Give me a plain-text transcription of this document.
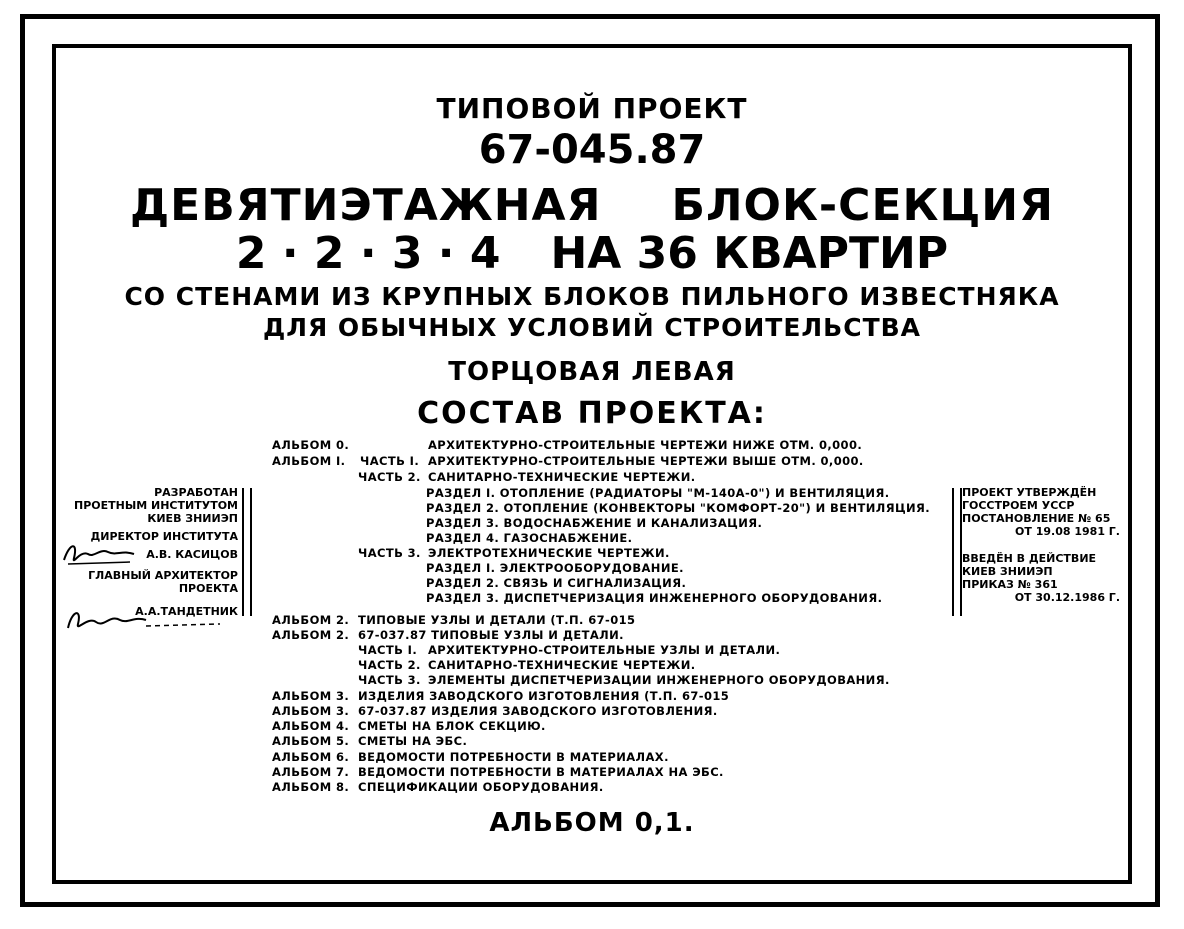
ТИПОВОЙ ПРОЕКТ
67-045.87
ДЕВЯТИЭТАЖНАЯ БЛОК-СЕКЦИЯ
2 · 2 · 3 · 4 НА 36 КВАРТИР
СО СТЕНАМИ ИЗ КРУПНЫХ БЛОКОВ ПИЛЬНОГО ИЗВЕСТНЯКА
ДЛЯ ОБЫЧНЫХ УСЛОВИЙ СТРОИТЕЛЬСТВА
ТОРЦОВАЯ ЛЕВАЯ
СОСТАВ ПРОЕКТА:
АЛЬБОМ 0.	АРХИТЕКТУРНО-СТРОИТЕЛЬНЫЕ ЧЕРТЕЖИ НИЖЕ ОТМ. 0,000.
АЛЬБОМ I. ЧАСТЬ I. АРХИТЕКТУРНО-СТРОИТЕЛЬНЫЕ ЧЕРТЕЖИ ВЫШЕ ОТМ. 0,000.
ЧАСТЬ 2. САНИТАРНО-ТЕХНИЧЕСКИЕ ЧЕРТЕЖИ.
РАЗДЕЛ I. ОТОПЛЕНИЕ (РАДИАТОРЫ "М-140А-0") И ВЕНТИЛЯЦИЯ.
РАЗДЕЛ 2. ОТОПЛЕНИЕ (КОНВЕКТОРЫ "КОМФОРТ-20") И ВЕНТИЛЯЦИЯ.
РАЗДЕЛ 3. ВОДОСНАБЖЕНИЕ И КАНАЛИЗАЦИЯ.
РАЗДЕЛ 4. ГАЗОСНАБЖЕНИЕ.
ЧАСТЬ 3. ЭЛЕКТРОТЕХНИЧЕСКИЕ ЧЕРТЕЖИ.
РАЗДЕЛ I. ЭЛЕКТРООБОРУДОВАНИЕ.
РАЗДЕЛ 2. СВЯЗЬ И СИГНАЛИЗАЦИЯ.
РАЗДЕЛ 3. ДИСПЕТЧЕРИЗАЦИЯ ИНЖЕНЕРНОГО ОБОРУДОВАНИЯ.
АЛЬБОМ 2. ТИПОВЫЕ УЗЛЫ И ДЕТАЛИ (Т.П. 67-015
АЛЬБОМ 2. 67-037.87 ТИПОВЫЕ УЗЛЫ И ДЕТАЛИ.
ЧАСТЬ I. АРХИТЕКТУРНО-СТРОИТЕЛЬНЫЕ УЗЛЫ И ДЕТАЛИ.
ЧАСТЬ 2. САНИТАРНО-ТЕХНИЧЕСКИЕ ЧЕРТЕЖИ.
ЧАСТЬ 3. ЭЛЕМЕНТЫ ДИСПЕТЧЕРИЗАЦИИ ИНЖЕНЕРНОГО ОБОРУДОВАНИЯ.
АЛЬБОМ 3. ИЗДЕЛИЯ ЗАВОДСКОГО ИЗГОТОВЛЕНИЯ (Т.П. 67-015
АЛЬБОМ 3. 67-037.87 ИЗДЕЛИЯ ЗАВОДСКОГО ИЗГОТОВЛЕНИЯ.
АЛЬБОМ 4. СМЕТЫ НА БЛОК СЕКЦИЮ.
АЛЬБОМ 5. СМЕТЫ НА ЭБС.
АЛЬБОМ 6. ВЕДОМОСТИ ПОТРЕБНОСТИ В МАТЕРИАЛАХ.
АЛЬБОМ 7. ВЕДОМОСТИ ПОТРЕБНОСТИ В МАТЕРИАЛАХ НА ЭБС.
АЛЬБОМ 8. СПЕЦИФИКАЦИИ ОБОРУДОВАНИЯ.
АЛЬБОМ 0,1.
РАЗРАБОТАН
ПРОЕТНЫМ ИНСТИТУТОМ
КИЕВ ЗНИИЭП
ДИРЕКТОР ИНСТИТУТА
А.В. КАСИЦОВ
ГЛАВНЫЙ АРХИТЕКТОР
ПРОЕКТА
А.А.ТАНДЕТНИК
ПРОЕКТ УТВЕРЖДЁН
ГОССТРОЕМ УССР
ПОСТАНОВЛЕНИЕ № 65
ОТ 19.08 1981 Г.
ВВЕДЁН В ДЕЙСТВИЕ
КИЕВ ЗНИИЭП
ПРИКАЗ № 361
ОТ 30.12.1986 Г.
